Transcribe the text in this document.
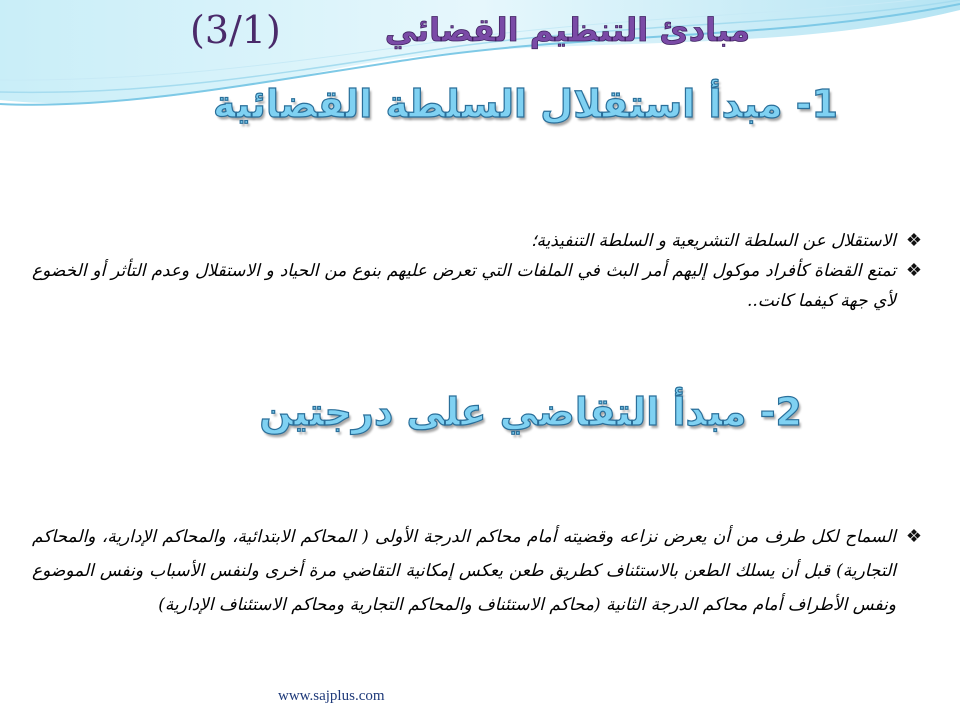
(3/1)	مبادئ التنظيم القضائي
1- مبدأ استقلال السلطة القضائية
❖
الاستقلال عن السلطة التشريعية و السلطة التنفيذية؛
❖
تمتع القضاة كأفراد موكول إليهم أمر البث في الملفات التي تعرض عليهم بنوع من الحياد و الاستقلال وعدم التأثر أو الخضوع لأي جهة كيفما كانت..
2- مبدأ التقاضي على درجتين
❖
السماح لكل طرف من أن يعرض نزاعه وقضيته أمام محاكم الدرجة الأولى ( المحاكم الابتدائية، والمحاكم الإدارية، والمحاكم التجارية) قبل أن يسلك الطعن بالاستئناف كطريق طعن يعكس إمكانية التقاضي مرة أخرى ولنفس الأسباب ونفس الموضوع ونفس الأطراف أمام محاكم الدرجة الثانية (محاكم الاستئناف والمحاكم التجارية ومحاكم الاستئناف الإدارية)
www.sajplus.com
